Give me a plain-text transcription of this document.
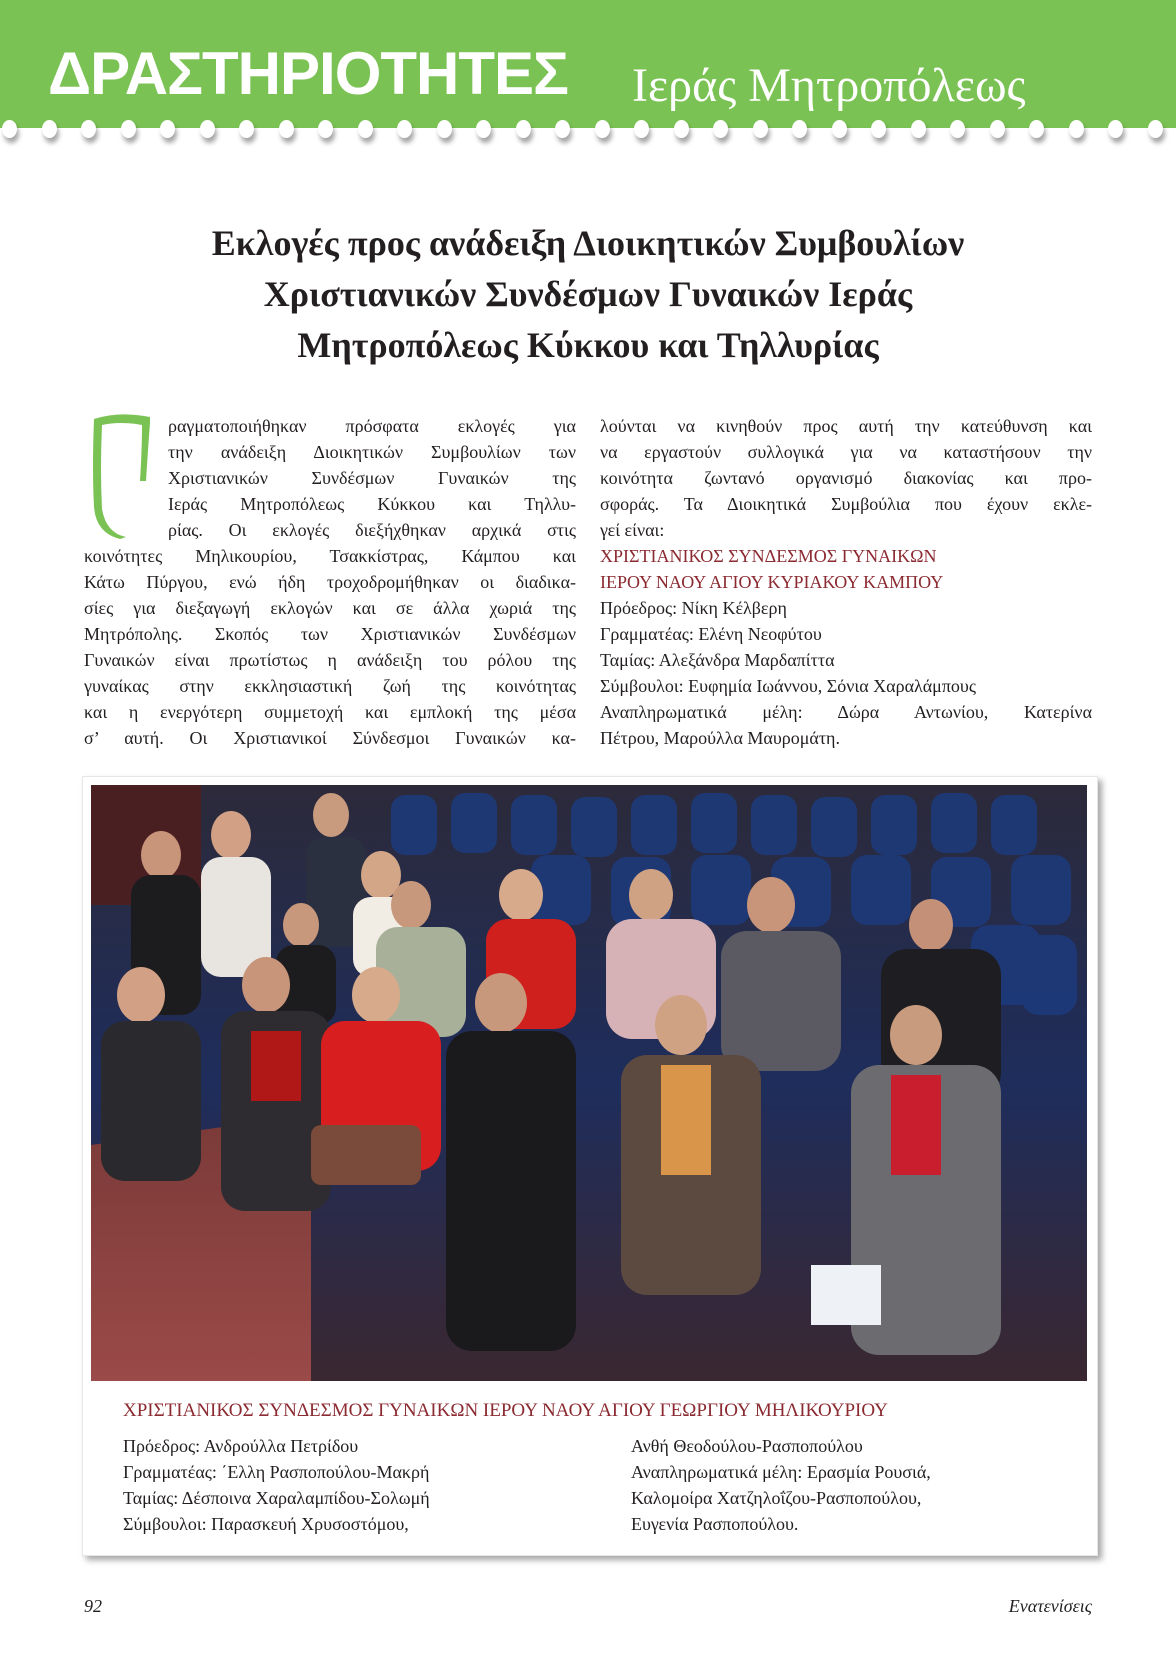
ΔΡΑΣΤΗΡΙΟΤΗΤΕΣ	Ιεράς Μητροπόλεως
Εκλογές προς ανάδειξη Διοικητικών Συμβουλίων
Χριστιανικών Συνδέσμων Γυναικών Ιεράς
Μητροπόλεως Κύκκου και Τηλλυρίας
ραγματοποιήθηκαν πρόσφατα εκλογές για
την ανάδειξη Διοικητικών Συμβουλίων των
Χριστιανικών Συνδέσμων Γυναικών της
Ιεράς Μητροπόλεως Κύκκου και Τηλλυ-
ρίας. Οι εκλογές διεξήχθηκαν αρχικά στις
κοινότητες Μηλικουρίου, Τσακκίστρας, Κάμπου και
Κάτω Πύργου, ενώ ήδη τροχοδρομήθηκαν οι διαδικα-
σίες για διεξαγωγή εκλογών και σε άλλα χωριά της
Μητρόπολης. Σκοπός των Χριστιανικών Συνδέσμων
Γυναικών είναι πρωτίστως η ανάδειξη του ρόλου της
γυναίκας στην εκκλησιαστική ζωή της κοινότητας
και η ενεργότερη συμμετοχή και εμπλοκή της μέσα
σ’ αυτή. Οι Χριστιανικοί Σύνδεσμοι Γυναικών κα-
λούνται να κινηθούν προς αυτή την κατεύθυνση και
να εργαστούν συλλογικά για να καταστήσουν την
κοινότητα ζωντανό οργανισμό διακονίας και προ-
σφοράς. Τα Διοικητικά Συμβούλια που έχουν εκλε-
γεί είναι:
ΧΡΙΣΤΙΑΝΙΚΟΣ ΣΥΝΔΕΣΜΟΣ ΓΥΝΑΙΚΩΝ
ΙΕΡΟΥ ΝΑΟΥ ΑΓΙΟΥ ΚΥΡΙΑΚΟΥ ΚΑΜΠΟΥ
Πρόεδρος: Νίκη Κέλβερη
Γραμματέας: Ελένη Νεοφύτου
Ταμίας: Αλεξάνδρα Μαρδαπίττα
Σύμβουλοι: Ευφημία Ιωάννου, Σόνια Χαραλάμπους
Αναπληρωματικά μέλη: Δώρα Αντωνίου, Κατερίνα
Πέτρου, Μαρούλλα Μαυρομάτη.
ΧΡΙΣΤΙΑΝΙΚΟΣ ΣΥΝΔΕΣΜΟΣ ΓΥΝΑΙΚΩΝ ΙΕΡΟΥ ΝΑΟΥ ΑΓΙΟΥ ΓΕΩΡΓΙΟΥ ΜΗΛΙΚΟΥΡΙΟΥ
Πρόεδρος: Ανδρούλλα Πετρίδου
Γραμματέας: ΄Ελλη Ρασποπούλου-Μακρή
Ταμίας: Δέσποινα Χαραλαμπίδου-Σολωμή
Σύμβουλοι: Παρασκευή Χρυσοστόμου,
Ανθή Θεοδούλου-Ρασποπούλου
Αναπληρωματικά μέλη: Ερασμία Ρουσιά,
Καλομοίρα Χατζηλοΐζου-Ρασποπούλου,
Ευγενία Ρασποπούλου.
92	Ενατενίσεις
